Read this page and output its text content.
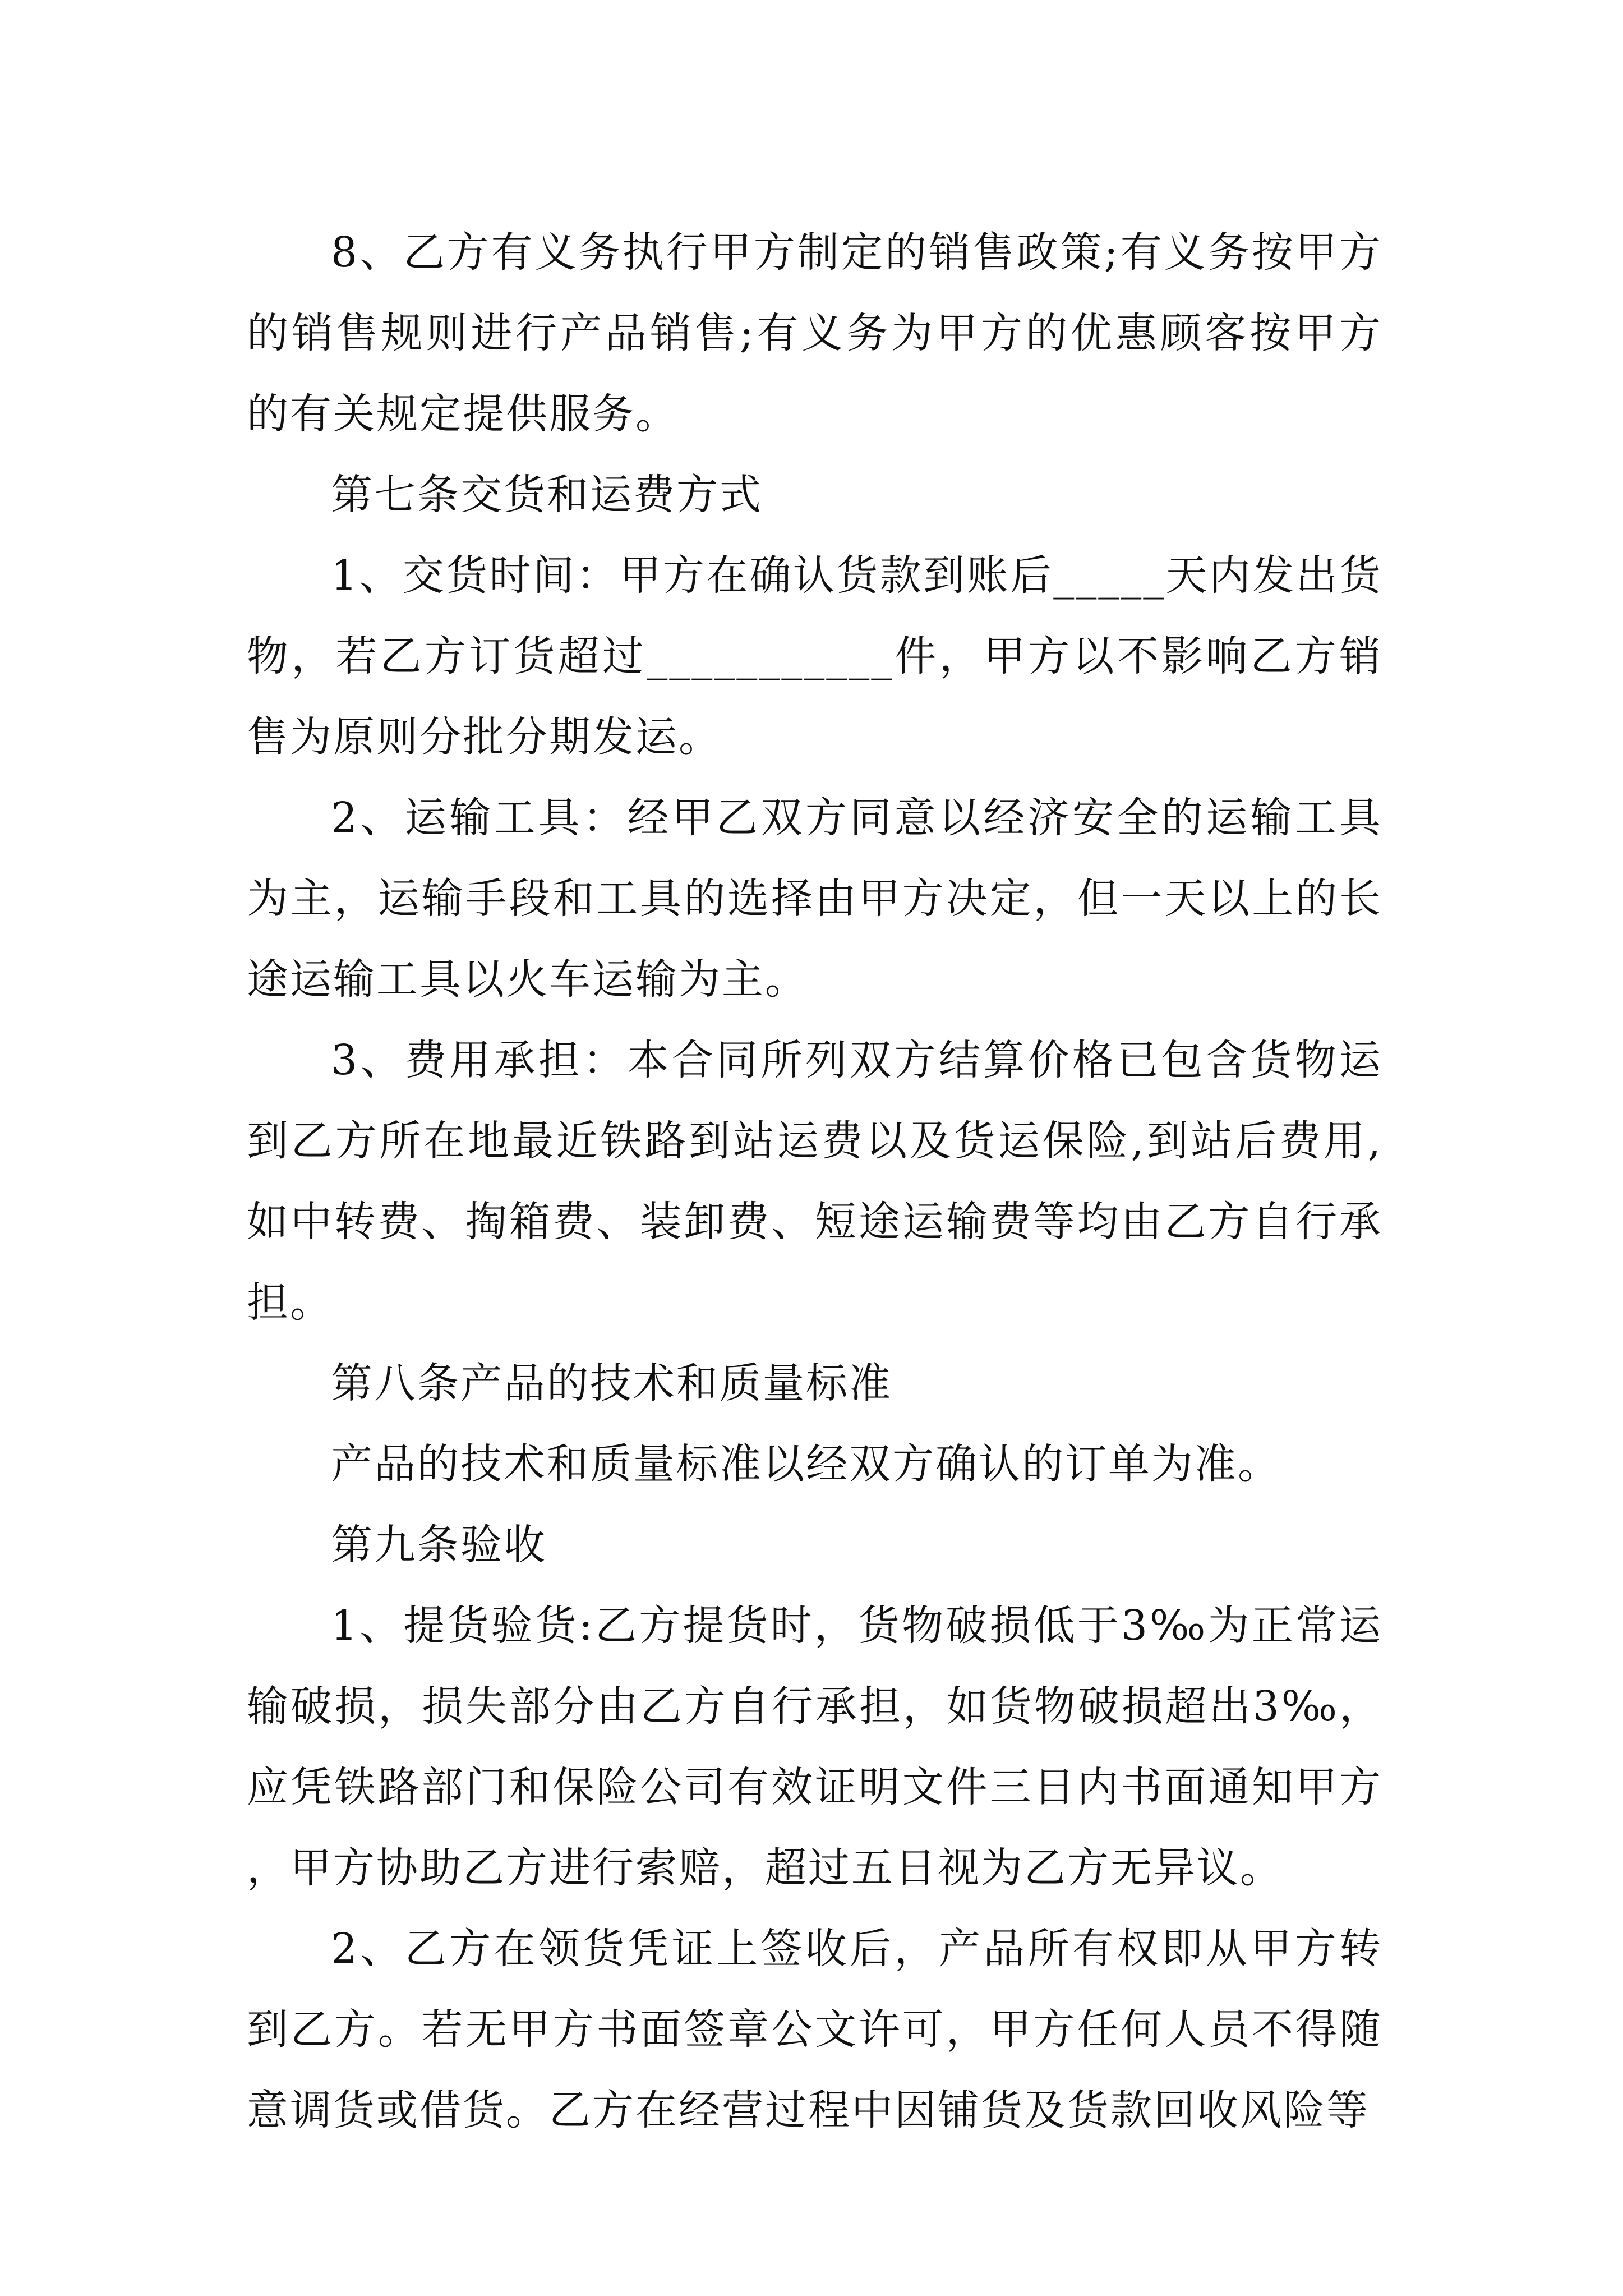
8、乙方有义务执行甲方制定的销售政策;有义务按甲方的销售规则进行产品销售;有义务为甲方的优惠顾客按甲方的有关规定提供服务。

第七条交货和运费方式

1、交货时间：甲方在确认货款到账后_____天内发出货物，若乙方订货超过___________件，甲方以不影响乙方销售为原则分批分期发运。

2、运输工具：经甲乙双方同意以经济安全的运输工具为主，运输手段和工具的选择由甲方决定，但一天以上的长途运输工具以火车运输为主。

3、费用承担：本合同所列双方结算价格已包含货物运到乙方所在地最近铁路到站运费以及货运保险,到站后费用,如中转费、掏箱费、装卸费、短途运输费等均由乙方自行承担。

第八条产品的技术和质量标准

产品的技术和质量标准以经双方确认的订单为准。

第九条验收

1、提货验货:乙方提货时，货物破损低于3‰为正常运输破损，损失部分由乙方自行承担，如货物破损超出3‰，应凭铁路部门和保险公司有效证明文件三日内书面通知甲方，甲方协助乙方进行索赔，超过五日视为乙方无异议。

2、乙方在领货凭证上签收后，产品所有权即从甲方转到乙方。若无甲方书面签章公文许可，甲方任何人员不得随意调货或借货。乙方在经营过程中因铺货及货款回收风险等
